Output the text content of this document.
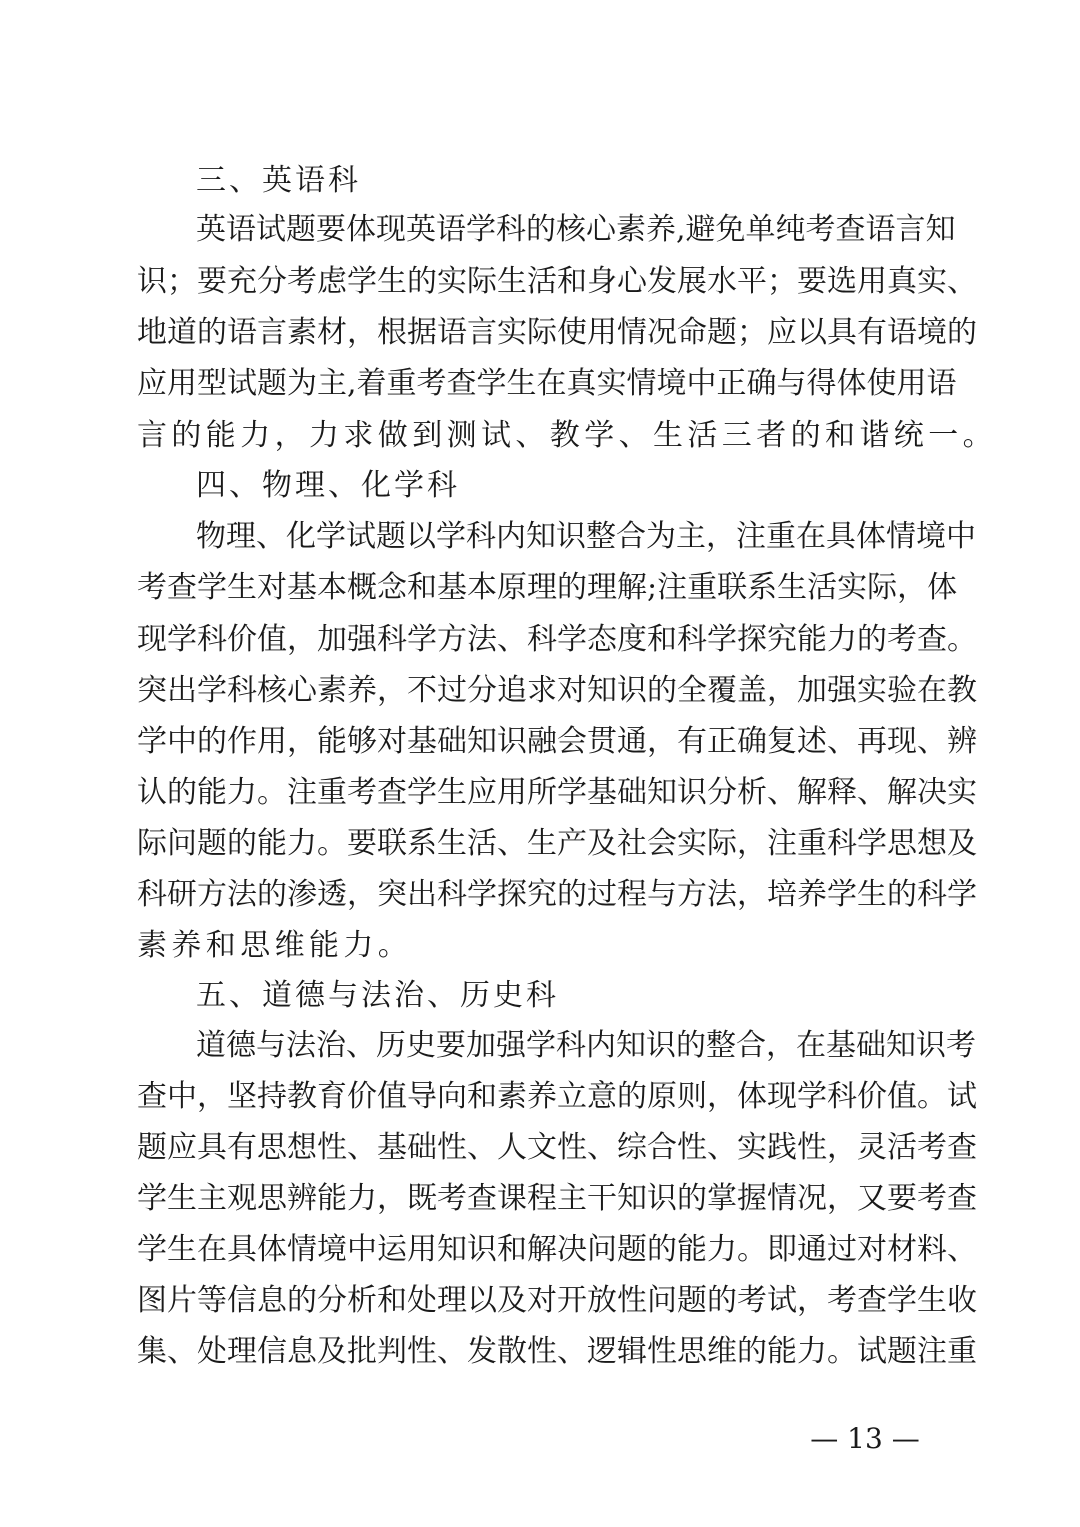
三、英语科
英语试题要体现英语学科的核心素养,避免单纯考查语言知
识；要充分考虑学生的实际生活和身心发展水平；要选用真实、
地道的语言素材，根据语言实际使用情况命题；应以具有语境的
应用型试题为主,着重考查学生在真实情境中正确与得体使用语
言的能力，力求做到测试、教学、生活三者的和谐统一。
四、物理、化学科
物理、化学试题以学科内知识整合为主，注重在具体情境中
考查学生对基本概念和基本原理的理解;注重联系生活实际，体
现学科价值，加强科学方法、科学态度和科学探究能力的考查。
突出学科核心素养，不过分追求对知识的全覆盖，加强实验在教
学中的作用，能够对基础知识融会贯通，有正确复述、再现、辨
认的能力。注重考查学生应用所学基础知识分析、解释、解决实
际问题的能力。要联系生活、生产及社会实际，注重科学思想及
科研方法的渗透，突出科学探究的过程与方法，培养学生的科学
素养和思维能力。
五、道德与法治、历史科
道德与法治、历史要加强学科内知识的整合，在基础知识考
查中，坚持教育价值导向和素养立意的原则，体现学科价值。试
题应具有思想性、基础性、人文性、综合性、实践性，灵活考查
学生主观思辨能力，既考查课程主干知识的掌握情况，又要考查
学生在具体情境中运用知识和解决问题的能力。即通过对材料、
图片等信息的分析和处理以及对开放性问题的考试，考查学生收
集、处理信息及批判性、发散性、逻辑性思维的能力。试题注重
— 13 —
